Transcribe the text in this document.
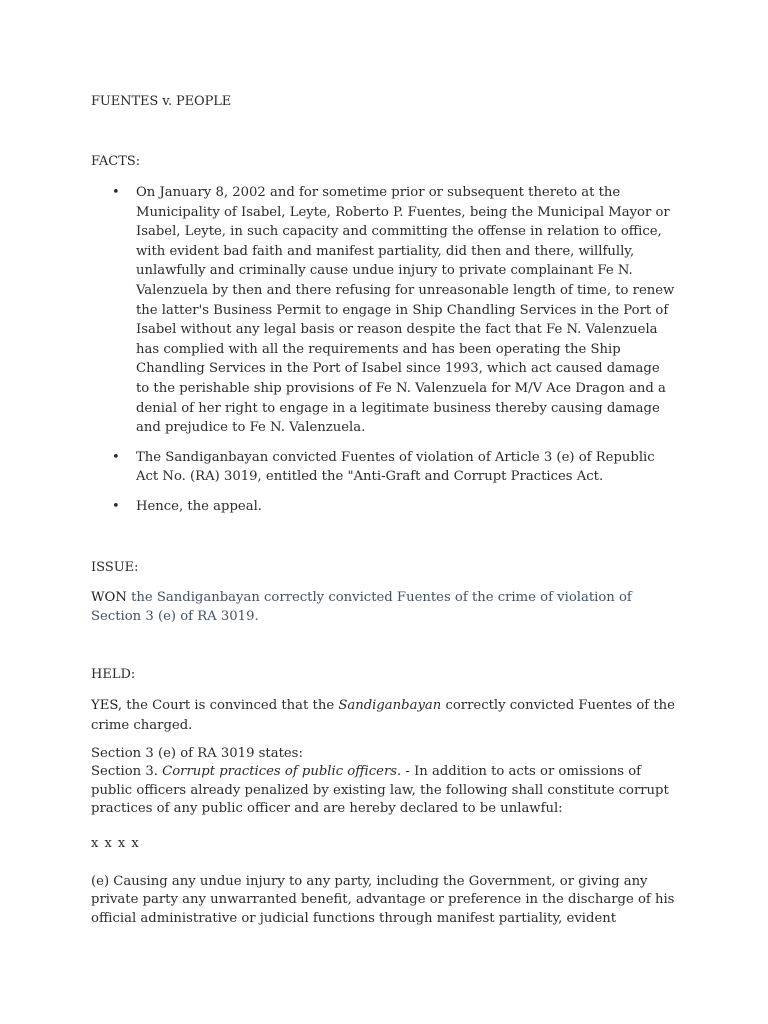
FUENTES v. PEOPLE
FACTS:
• On January 8, 2002 and for sometime prior or subsequent thereto at the Municipality of Isabel, Leyte, Roberto P. Fuentes, being the Municipal Mayor or Isabel, Leyte, in such capacity and committing the offense in relation to office, with evident bad faith and manifest partiality, did then and there, willfully, unlawfully and criminally cause undue injury to private complainant Fe N. Valenzuela by then and there refusing for unreasonable length of time, to renew the latter's Business Permit to engage in Ship Chandling Services in the Port of Isabel without any legal basis or reason despite the fact that Fe N. Valenzuela has complied with all the requirements and has been operating the Ship Chandling Services in the Port of Isabel since 1993, which act caused damage to the perishable ship provisions of Fe N. Valenzuela for M/V Ace Dragon and a denial of her right to engage in a legitimate business thereby causing damage and prejudice to Fe N. Valenzuela.
• The Sandiganbayan convicted Fuentes of violation of Article 3 (e) of Republic Act No. (RA) 3019, entitled the "Anti-Graft and Corrupt Practices Act.
• Hence, the appeal.
ISSUE:
WON the Sandiganbayan correctly convicted Fuentes of the crime of violation of Section 3 (e) of RA 3019.
HELD:
YES, the Court is convinced that the Sandiganbayan correctly convicted Fuentes of the crime charged.
Section 3 (e) of RA 3019 states:
Section 3. Corrupt practices of public officers. - In addition to acts or omissions of public officers already penalized by existing law, the following shall constitute corrupt practices of any public officer and are hereby declared to be unlawful:
x x x x
(e) Causing any undue injury to any party, including the Government, or giving any private party any unwarranted benefit, advantage or preference in the discharge of his official administrative or judicial functions through manifest partiality, evident
